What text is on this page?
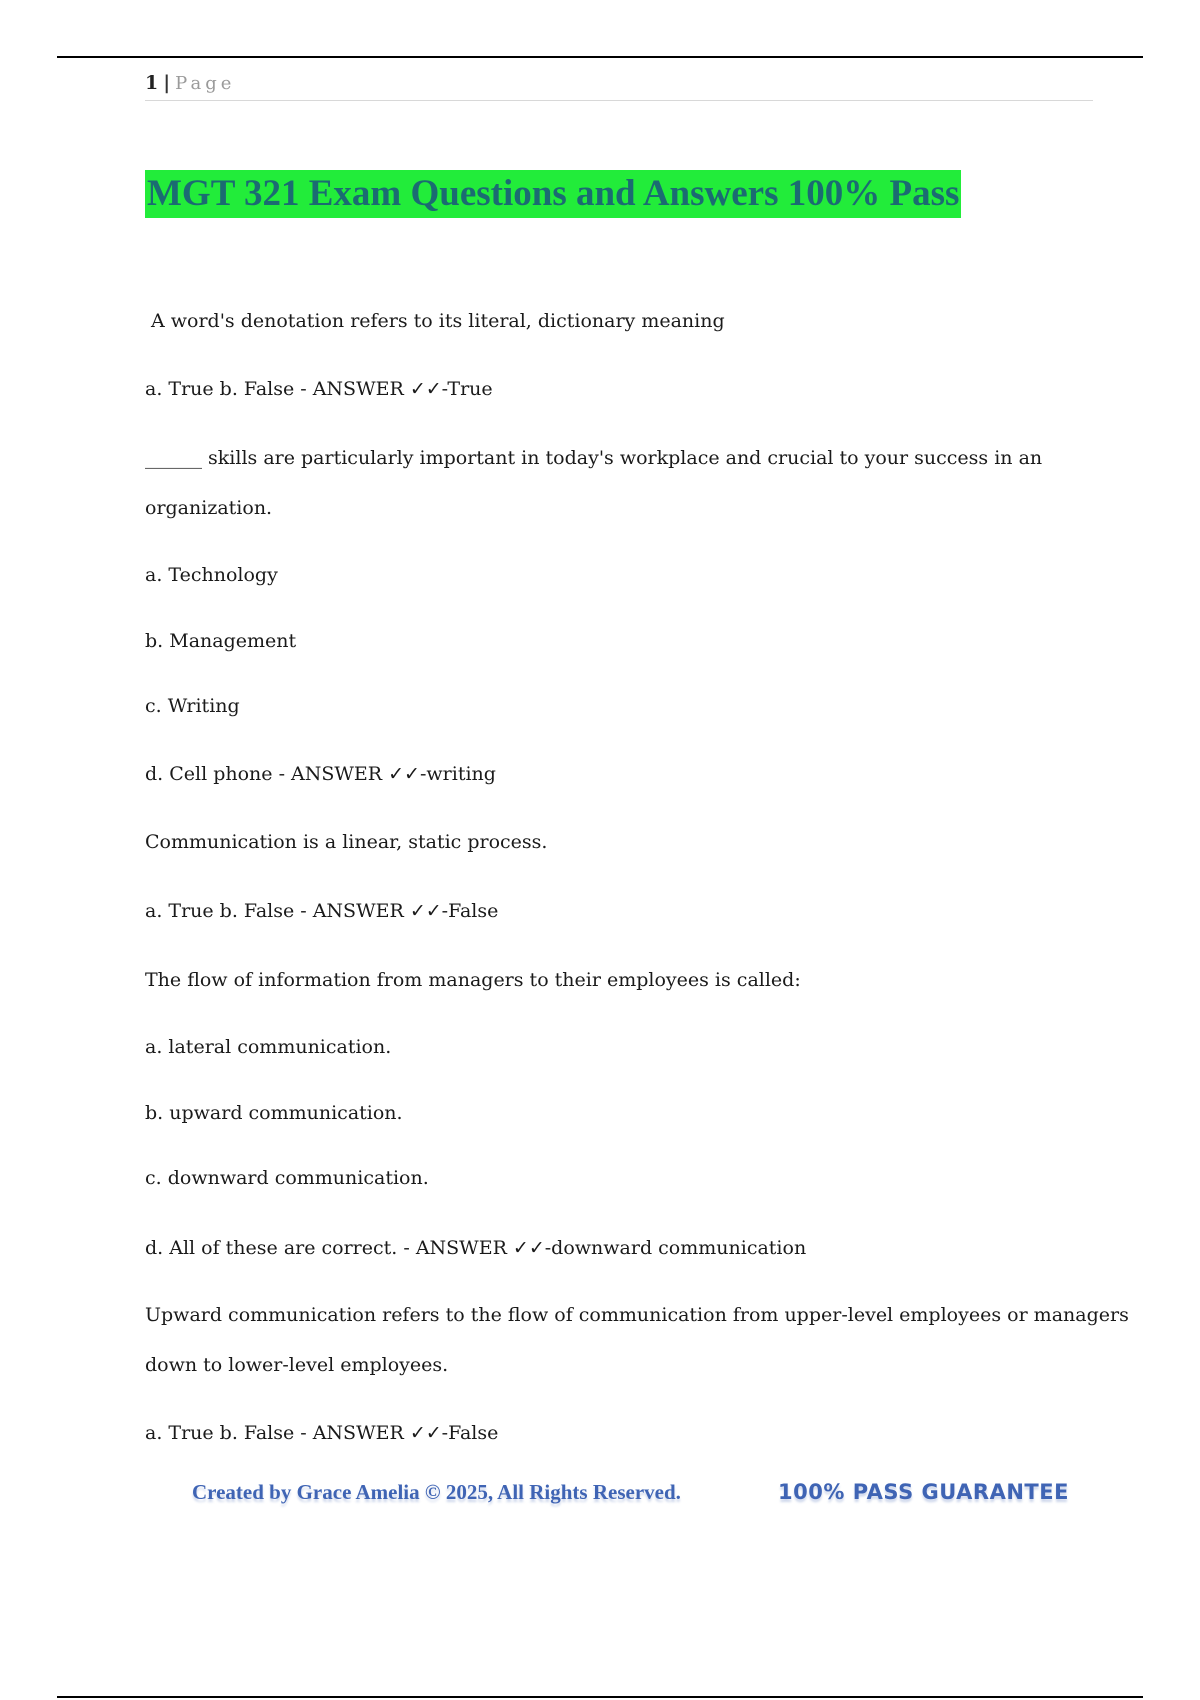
1 | Page
MGT 321 Exam Questions and Answers 100% Pass
A word's denotation refers to its literal, dictionary meaning
a. True b. False - ANSWER ✓✓-True
______ skills are particularly important in today's workplace and crucial to your success in an
organization.
a. Technology
b. Management
c. Writing
d. Cell phone - ANSWER ✓✓-writing
Communication is a linear, static process.
a. True b. False - ANSWER ✓✓-False
The flow of information from managers to their employees is called:
a. lateral communication.
b. upward communication.
c. downward communication.
d. All of these are correct. - ANSWER ✓✓-downward communication
Upward communication refers to the flow of communication from upper-level employees or managers
down to lower-level employees.
a. True b. False - ANSWER ✓✓-False
Created by Grace Amelia © 2025, All Rights Reserved.	100% PASS GUARANTEE
